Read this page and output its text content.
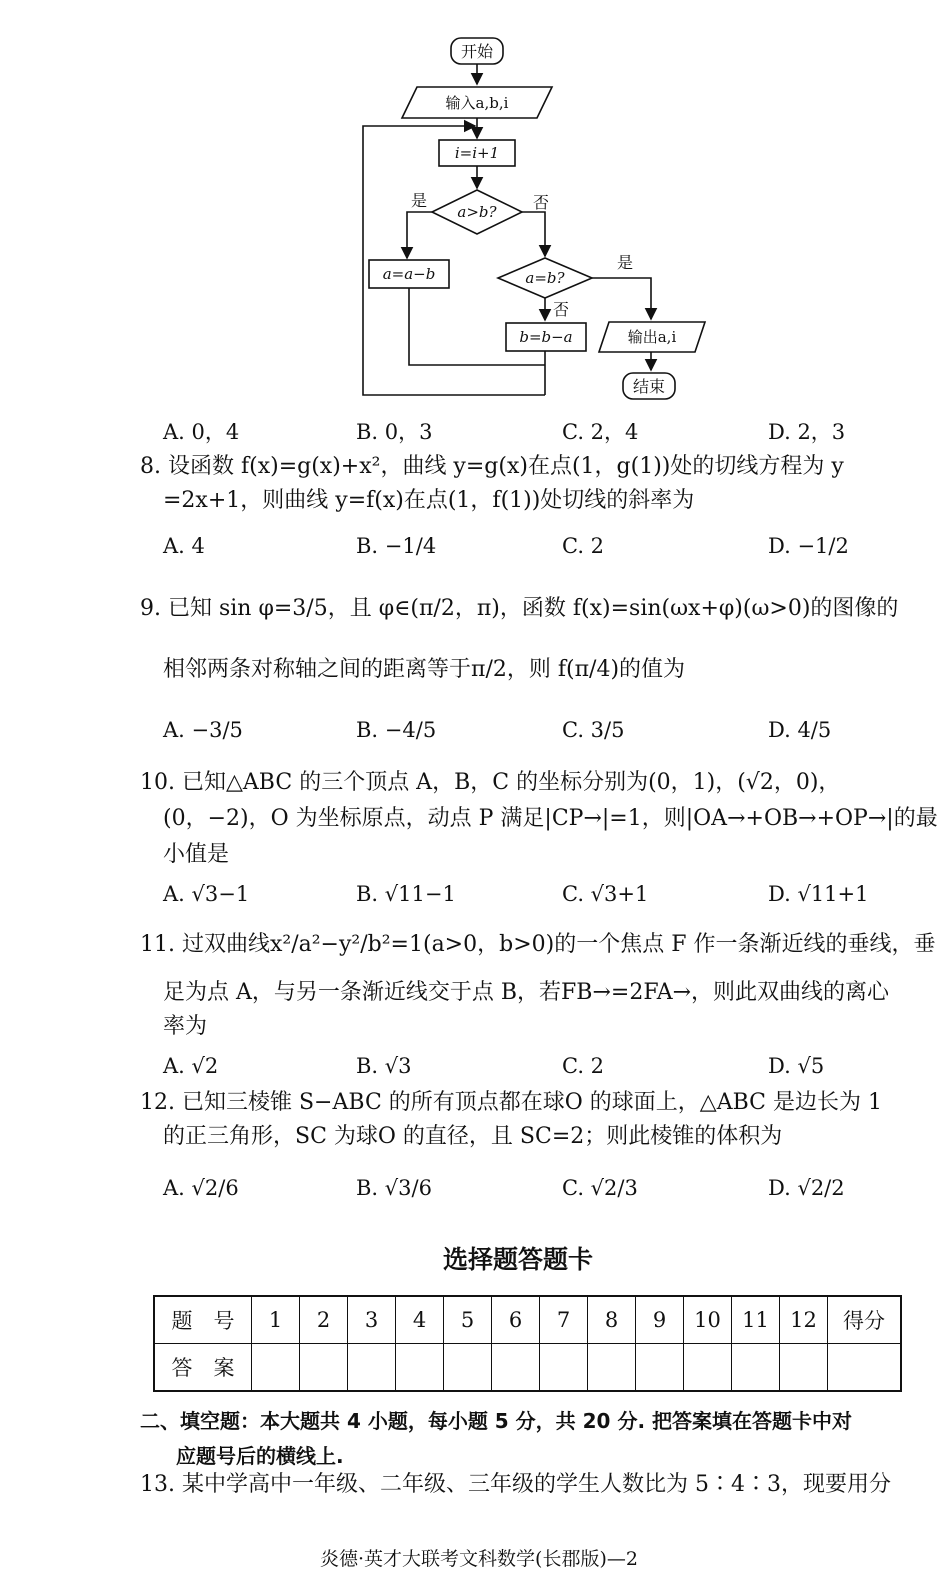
开始
输入a,b,i
i=i+1
a>b?
是	否
a=a−b	a=b?
是
否
b=b−a	输出a,i
结束
A. 0，4	B. 0，3	C. 2，4	D. 2，3
8. 设函数 f(x)=g(x)+x²，曲线 y=g(x)在点(1，g(1))处的切线方程为 y
=2x+1，则曲线 y=f(x)在点(1，f(1))处切线的斜率为
A. 4	B. −1/4	C. 2	D. −1/2
9. 已知 sin φ=3/5，且 φ∈(π/2，π)，函数 f(x)=sin(ωx+φ)(ω>0)的图像的
相邻两条对称轴之间的距离等于π/2，则 f(π/4)的值为
A. −3/5	B. −4/5	C. 3/5	D. 4/5
10. 已知△ABC 的三个顶点 A，B，C 的坐标分别为(0，1)，(√2，0)，
(0，−2)，O 为坐标原点，动点 P 满足|CP→|=1，则|OA→+OB→+OP→|的最
小值是
A. √3−1	B. √11−1	C. √3+1	D. √11+1
11. 过双曲线x²/a²−y²/b²=1(a>0，b>0)的一个焦点 F 作一条渐近线的垂线，垂
足为点 A，与另一条渐近线交于点 B，若FB→=2FA→，则此双曲线的离心
率为
A. √2	B. √3	C. 2	D. √5
12. 已知三棱锥 S−ABC 的所有顶点都在球O 的球面上，△ABC 是边长为 1
的正三角形，SC 为球O 的直径，且 SC=2；则此棱锥的体积为
A. √2/6	B. √3/6	C. √2/3	D. √2/2
选择题答题卡
题　号	1	2	3	4	5	6	7	8	9	10	11	12	得分
答　案													
二、填空题：本大题共 4 小题，每小题 5 分，共 20 分. 把答案填在答题卡中对
应题号后的横线上.
13. 某中学高中一年级、二年级、三年级的学生人数比为 5∶4∶3，现要用分
炎德·英才大联考文科数学(长郡版)—2
